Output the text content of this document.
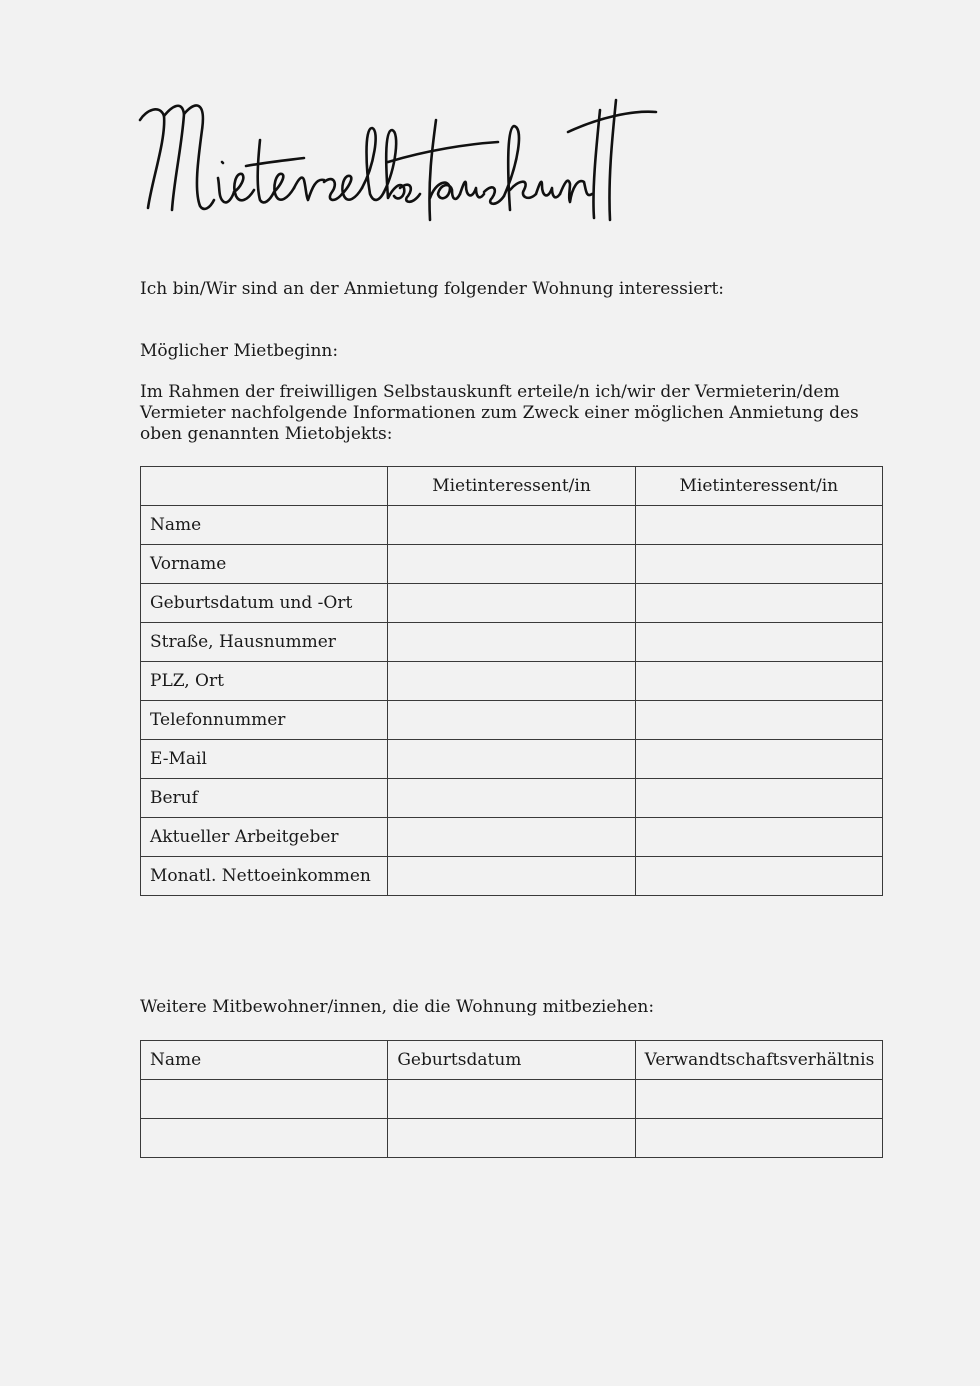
Ich bin/Wir sind an der Anmietung folgender Wohnung interessiert:

Möglicher Mietbeginn:

Im Rahmen der freiwilligen Selbstauskunft erteile/n ich/wir der Vermieterin/dem Vermieter nachfolgende Informationen zum Zweck einer möglichen Anmietung des oben genannten Mietobjekts:

	Mietinteressent/in	Mietinteressent/in
Name		
Vorname		
Geburtsdatum und -Ort		
Straße, Hausnummer		
PLZ, Ort		
Telefonnummer		
E-Mail		
Beruf		
Aktueller Arbeitgeber		
Monatl. Nettoeinkommen		

Weitere Mitbewohner/innen, die die Wohnung mitbeziehen:

Name	Geburtsdatum	Verwandtschaftsverhältnis
